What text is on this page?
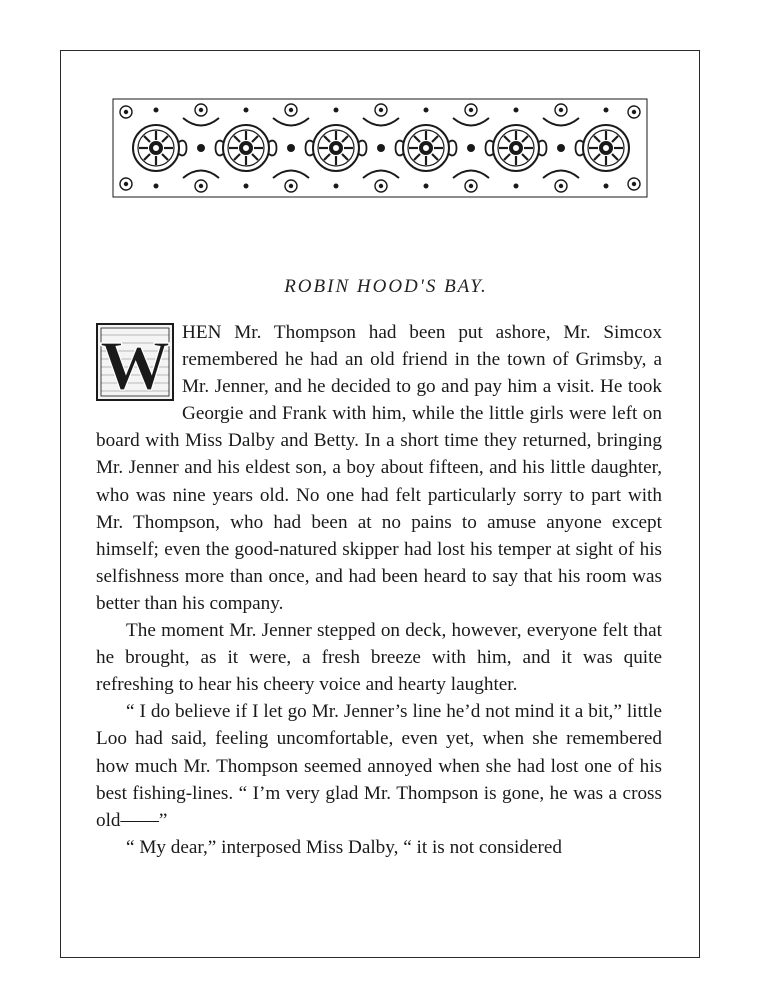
ROBIN HOOD'S BAY.
W HEN Mr. Thompson had been put ashore, Mr. Simcox remembered he had an old friend in the town of Grimsby, a Mr. Jenner, and he decided to go and pay him a visit. He took Georgie and Frank with him, while the little girls were left on board with Miss Dalby and Betty. In a short time they returned, bringing Mr. Jenner and his eldest son, a boy about fifteen, and his little daughter, who was nine years old. No one had felt particularly sorry to part with Mr. Thompson, who had been at no pains to amuse anyone except himself; even the good-natured skipper had lost his temper at sight of his selfishness more than once, and had been heard to say that his room was better than his company.

The moment Mr. Jenner stepped on deck, however, everyone felt that he brought, as it were, a fresh breeze with him, and it was quite refreshing to hear his cheery voice and hearty laughter.

“ I do believe if I let go Mr. Jenner’s line he’d not mind it a bit,” little Loo had said, feeling uncomfortable, even yet, when she remembered how much Mr. Thompson seemed annoyed when she had lost one of his best fishing-lines. “ I’m very glad Mr. Thompson is gone, he was a cross old——”

“ My dear,” interposed Miss Dalby, “ it is not considered
